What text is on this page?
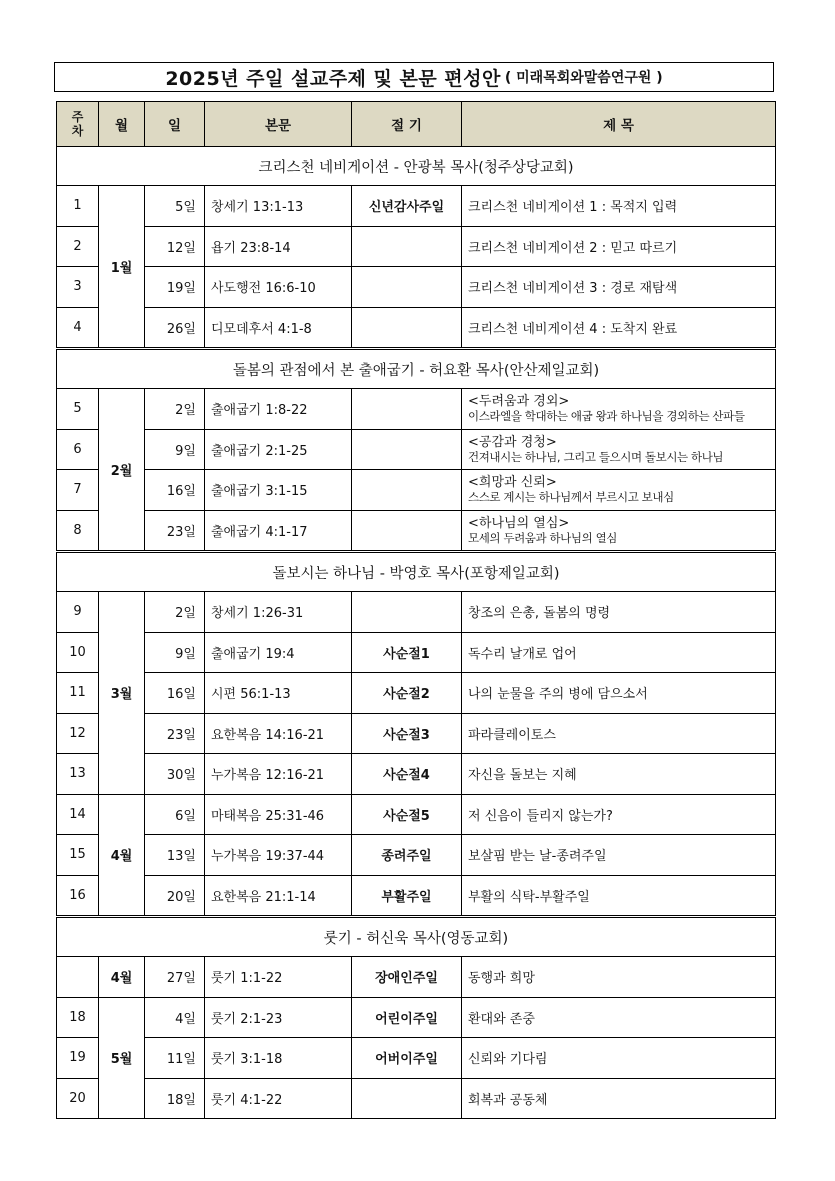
2025년 주일 설교주제 및 본문 편성안 ( 미래목회와말씀연구원 )
주
차	월	일	본문	절 기	제 목
크리스천 네비게이션 - 안광복 목사(청주상당교회)					
1	1월	5일	창세기 13:1-13	신년감사주일	크리스천 네비게이션 1 : 목적지 입력
2		12일	욥기 23:8-14		크리스천 네비게이션 2 : 믿고 따르기
3		19일	사도행전 16:6-10		크리스천 네비게이션 3 : 경로 재탐색
4		26일	디모데후서 4:1-8		크리스천 네비게이션 4 : 도착지 완료
돌봄의 관점에서 본 출애굽기 - 허요환 목사(안산제일교회)					
5	2월	2일	출애굽기 1:8-22		<두려움과 경외>
이스라엘을 학대하는 애굽 왕과 하나님을 경외하는 산파들

6		9일	출애굽기 2:1-25		<공감과 경청>
건져내시는 하나님, 그리고 들으시며 돌보시는 하나님

7		16일	출애굽기 3:1-15		<희망과 신뢰>
스스로 계시는 하나님께서 부르시고 보내심

8		23일	출애굽기 4:1-17		<하나님의 열심>
모세의 두려움과 하나님의 열심

돌보시는 하나님 - 박영호 목사(포항제일교회)					
9	3월	2일	창세기 1:26-31		창조의 은총, 돌봄의 명령
10		9일	출애굽기 19:4	사순절1	독수리 날개로 업어
11		16일	시편 56:1-13	사순절2	나의 눈물을 주의 병에 담으소서
12		23일	요한복음 14:16-21	사순절3	파라클레이토스
13		30일	누가복음 12:16-21	사순절4	자신을 돌보는 지혜
14	4월	6일	마태복음 25:31-46	사순절5	저 신음이 들리지 않는가?
15		13일	누가복음 19:37-44	종려주일	보살핌 받는 날-종려주일
16		20일	요한복음 21:1-14	부활주일	부활의 식탁-부활주일
룻기 - 허신욱 목사(영동교회)					
	4월	27일	룻기 1:1-22	장애인주일	동행과 희망
18	5월	4일	룻기 2:1-23	어린이주일	환대와 존중
19		11일	룻기 3:1-18	어버이주일	신뢰와 기다림
20		18일	룻기 4:1-22		회복과 공동체
